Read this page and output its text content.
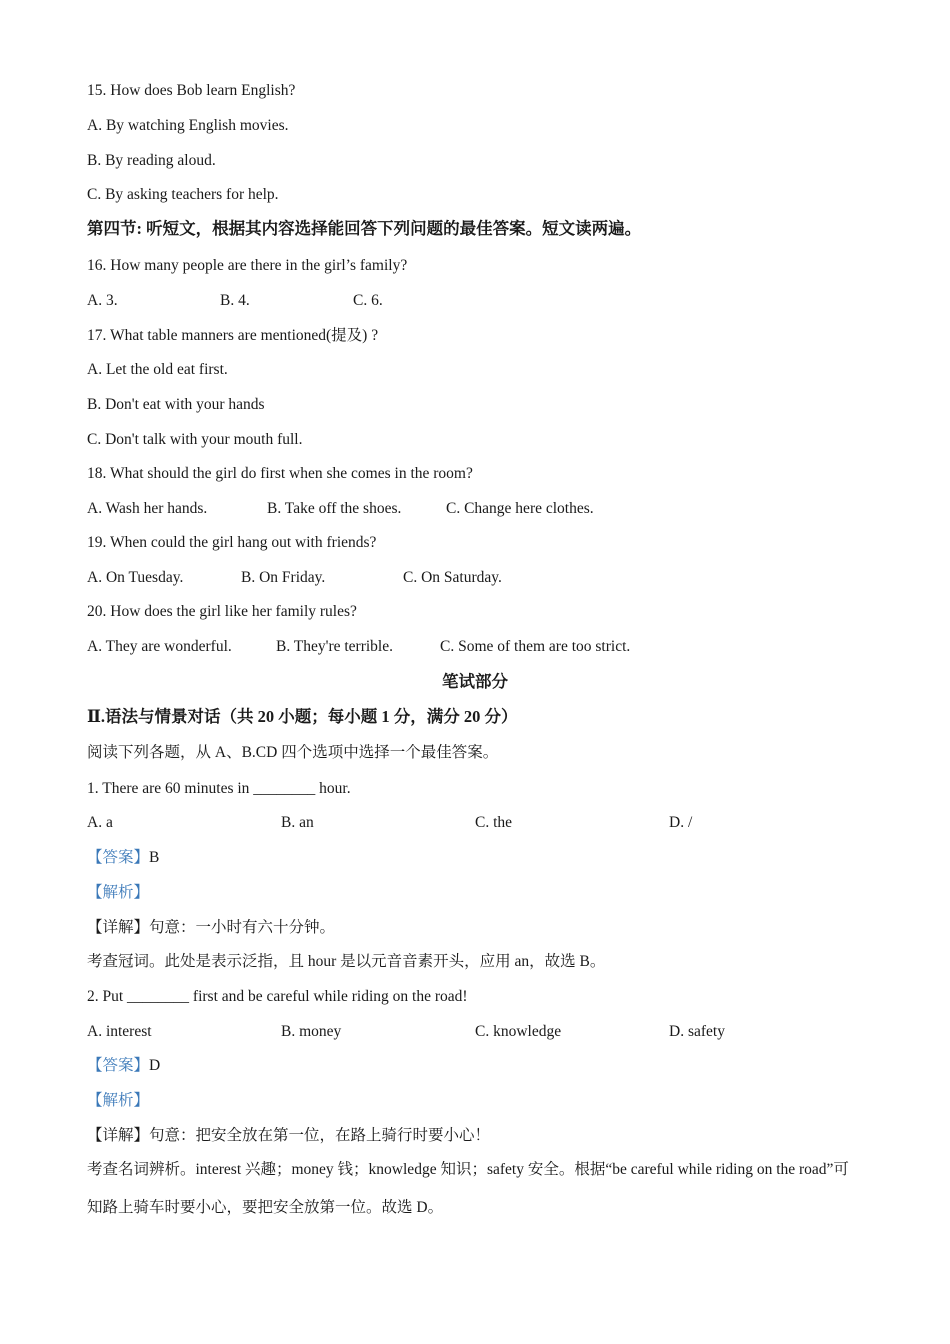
15. How does Bob learn English?
A. By watching English movies.
B. By reading aloud.
C. By asking teachers for help.
第四节: 听短文，根据其内容选择能回答下列问题的最佳答案。短文读两遍。
16. How many people are there in the girl’s family?
A. 3.	B. 4.	C. 6.
17. What table manners are mentioned(提及) ?
A. Let the old eat first.
B. Don't eat with your hands
C. Don't talk with your mouth full.
18. What should the girl do first when she comes in the room?
A. Wash her hands.	B. Take off the shoes.	C. Change here clothes.
19. When could the girl hang out with friends?
A. On Tuesday.	B. On Friday.	C. On Saturday.
20. How does the girl like her family rules?
A. They are wonderful.	B. They're terrible.	C. Some of them are too strict.
笔试部分
Ⅱ.语法与情景对话（共 20 小题；每小题 1 分，满分 20 分）
阅读下列各题，从 A、B.CD 四个选项中选择一个最佳答案。
1. There are 60 minutes in ________ hour.
A. a	B. an	C. the	D. /
【答案】B
【解析】
【详解】句意：一小时有六十分钟。
考查冠词。此处是表示泛指，且 hour 是以元音音素开头，应用 an，故选 B。
2. Put ________ first and be careful while riding on the road!
A. interest	B. money	C. knowledge	D. safety
【答案】D
【解析】
【详解】句意：把安全放在第一位，在路上骑行时要小心！
考查名词辨析。interest 兴趣；money 钱；knowledge 知识；safety 安全。根据“be careful while riding on the road”可知路上骑车时要小心，要把安全放第一位。故选 D。
